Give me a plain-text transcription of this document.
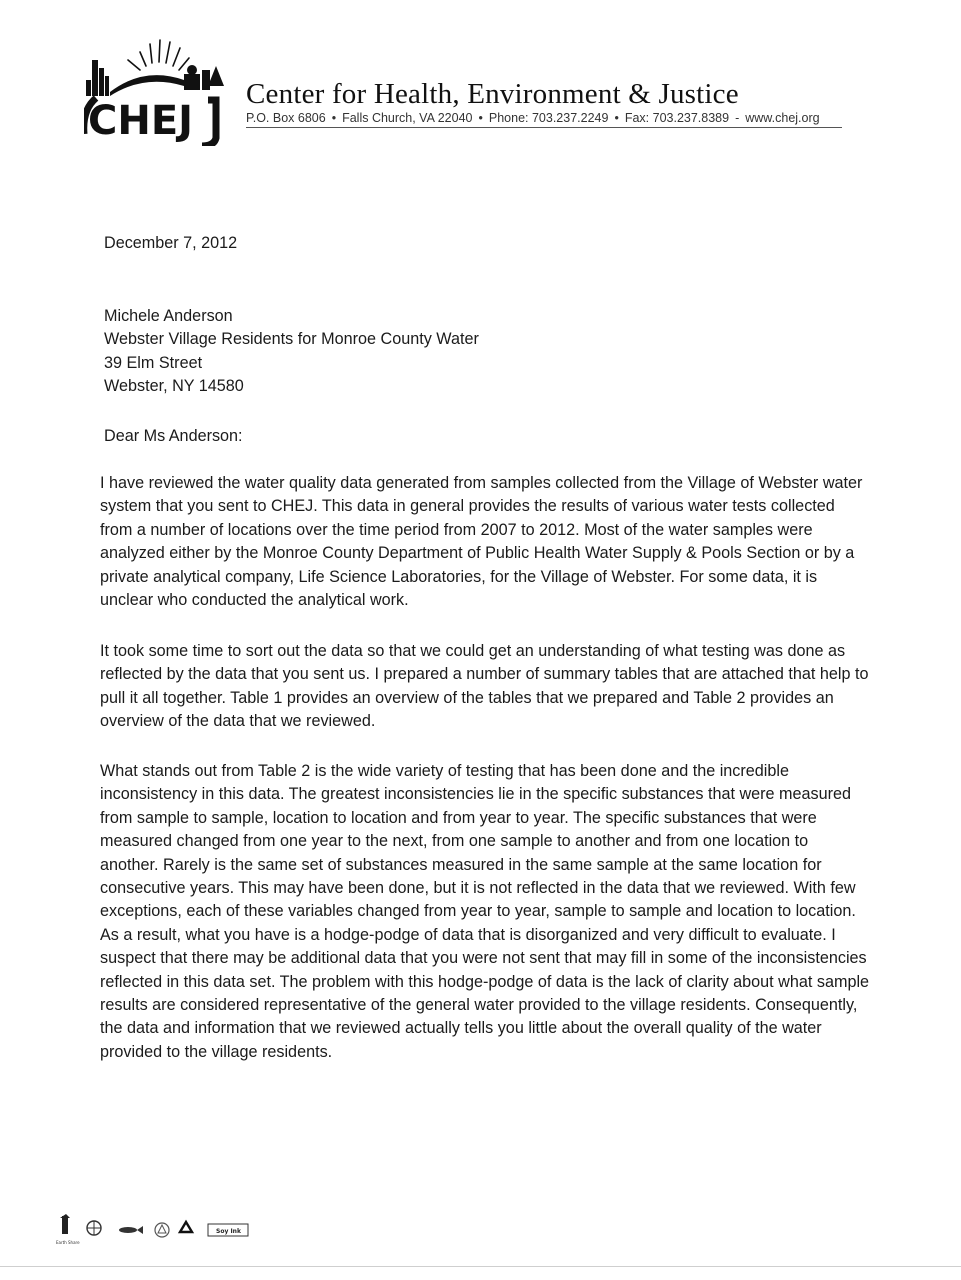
CHEJ
Center for Health, Environment & Justice
P.O. Box 6806 • Falls Church, VA 22040 • Phone: 703.237.2249 • Fax: 703.237.8389 - www.chej.org
December 7, 2012
Michele Anderson
Webster Village Residents for Monroe County Water
39 Elm Street
Webster, NY 14580
Dear Ms Anderson:
I have reviewed the water quality data generated from samples collected from the Village of Webster water system that you sent to CHEJ. This data in general provides the results of various water tests collected from a number of locations over the time period from 2007 to 2012. Most of the water samples were analyzed either by the Monroe County Department of Public Health Water Supply & Pools Section or by a private analytical company, Life Science Laboratories, for the Village of Webster. For some data, it is unclear who conducted the analytical work.
It took some time to sort out the data so that we could get an understanding of what testing was done as reflected by the data that you sent us. I prepared a number of summary tables that are attached that help to pull it all together. Table 1 provides an overview of the tables that we prepared and Table 2 provides an overview of the data that we reviewed.
What stands out from Table 2 is the wide variety of testing that has been done and the incredible inconsistency in this data. The greatest inconsistencies lie in the specific substances that were measured from sample to sample, location to location and from year to year. The specific substances that were measured changed from one year to the next, from one sample to another and from one location to another. Rarely is the same set of substances measured in the same sample at the same location for consecutive years. This may have been done, but it is not reflected in the data that we reviewed. With few exceptions, each of these variables changed from year to year, sample to sample and location to location. As a result, what you have is a hodge-podge of data that is disorganized and very difficult to evaluate. I suspect that there may be additional data that you were not sent that may fill in some of the inconsistencies reflected in this data set. The problem with this hodge-podge of data is the lack of clarity about what sample results are considered representative of the general water provided to the village residents. Consequently, the data and information that we reviewed actually tells you little about the overall quality of the water provided to the village residents.
Earth Share
Soy Ink
